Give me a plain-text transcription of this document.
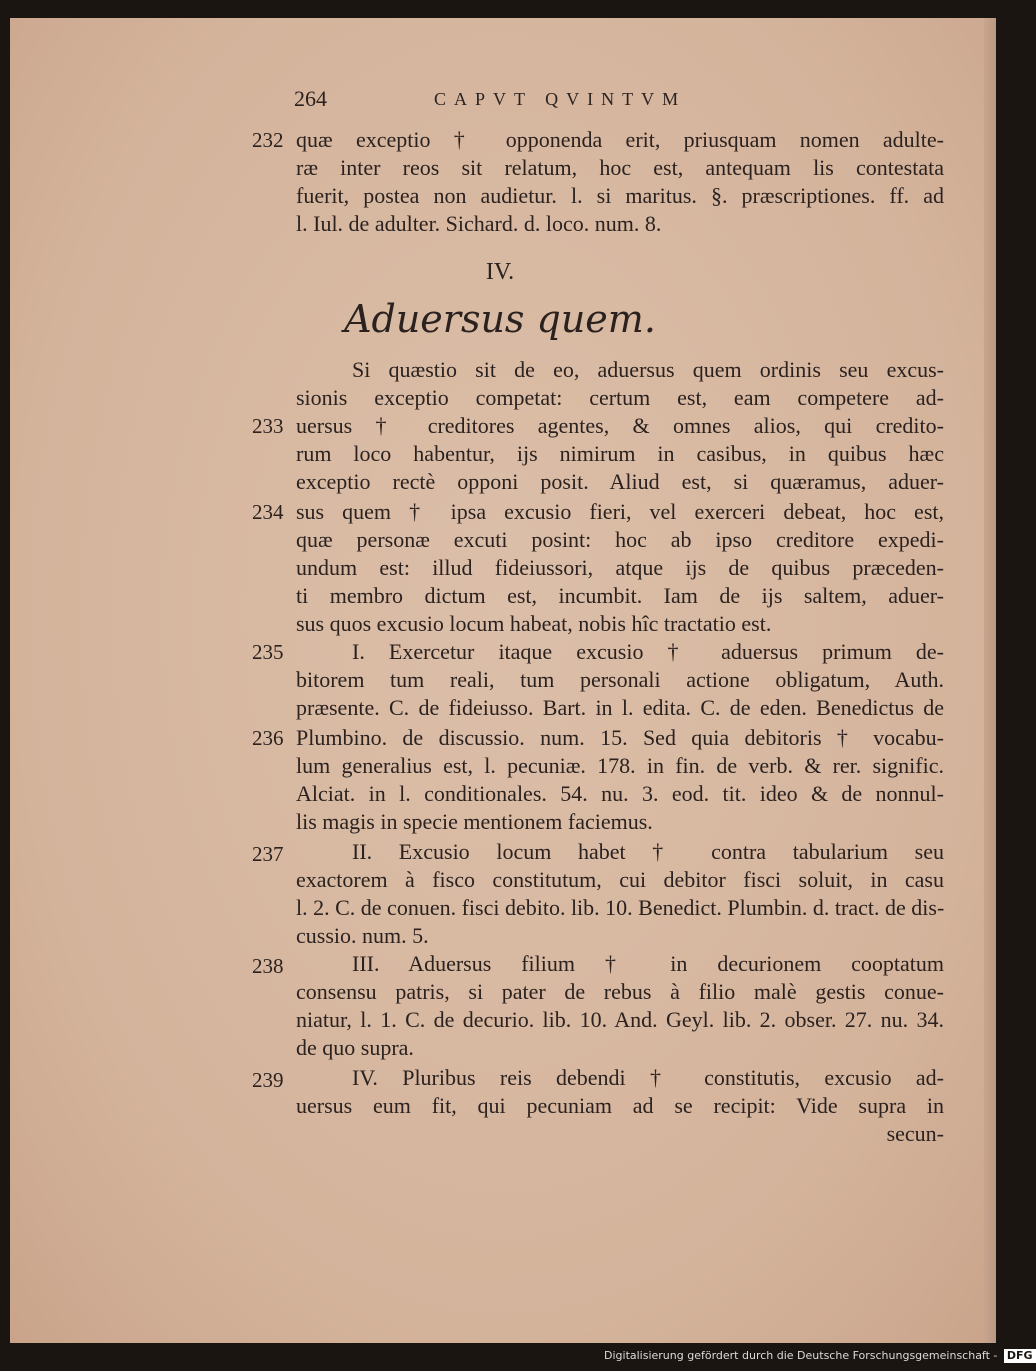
264	CAPVT QVINTVM
232 quæ exceptio † opponenda erit, priusquam nomen adulte-
ræ inter reos sit relatum, hoc est, antequam lis contestata
fuerit, postea non audietur. l. si maritus. §. præscriptiones. ff. ad
l. Iul. de adulter. Sichard. d. loco. num. 8.
IV.
Aduersus quem.
Si quæstio sit de eo, aduersus quem ordinis seu excus-
sionis exceptio competat: certum est, eam competere ad-
233 uersus † creditores agentes, & omnes alios, qui credito-
rum loco habentur, ijs nimirum in casibus, in quibus hæc
exceptio rectè opponi posit. Aliud est, si quæramus, aduer-
234 sus quem † ipsa excusio fieri, vel exerceri debeat, hoc est,
quæ personæ excuti posint: hoc ab ipso creditore expedi-
undum est: illud fideiussori, atque ijs de quibus præceden-
ti membro dictum est, incumbit. Iam de ijs saltem, aduer-
sus quos excusio locum habeat, nobis hîc tractatio est.
235	I. Exercetur itaque excusio † aduersus primum de-
bitorem tum reali, tum personali actione obligatum, Auth.
præsente. C. de fideiusso. Bart. in l. edita. C. de eden. Benedictus de
236 Plumbino. de discussio. num. 15. Sed quia debitoris † vocabu-
lum generalius est, l. pecuniæ. 178. in fin. de verb. & rer. signific.
Alciat. in l. conditionales. 54. nu. 3. eod. tit. ideo & de nonnul-
lis magis in specie mentionem faciemus.
237	II. Excusio locum habet † contra tabularium seu
exactorem à fisco constitutum, cui debitor fisci soluit, in casu
l. 2. C. de conuen. fisci debito. lib. 10. Benedict. Plumbin. d. tract. de dis-
cussio. num. 5.
238	III. Aduersus filium † in decurionem cooptatum
consensu patris, si pater de rebus à filio malè gestis conue-
niatur, l. 1. C. de decurio. lib. 10. And. Geyl. lib. 2. obser. 27. nu. 34.
de quo supra.
239	IV. Pluribus reis debendi † constitutis, excusio ad-
uersus eum fit, qui pecuniam ad se recipit: Vide supra in
secun-
Digitalisierung gefördert durch die Deutsche Forschungsgemeinschaft - DFG
